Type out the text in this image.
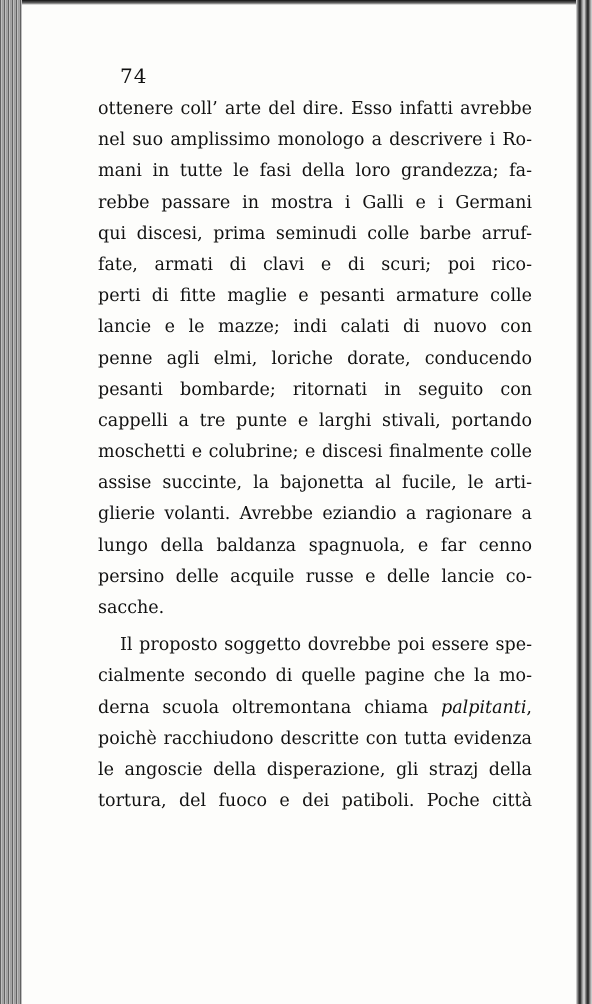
74
ottenere coll’ arte del dire. Esso infatti avrebbe
nel suo amplissimo monologo a descrivere i Ro-
mani in tutte le fasi della loro grandezza; fa-
rebbe passare in mostra i Galli e i Germani
qui discesi, prima seminudi colle barbe arruf-
fate, armati di clavi e di scuri; poi rico-
perti di fitte maglie e pesanti armature colle
lancie e le mazze; indi calati di nuovo con
penne agli elmi, loriche dorate, conducendo
pesanti bombarde; ritornati in seguito con
cappelli a tre punte e larghi stivali, portando
moschetti e colubrine; e discesi finalmente colle
assise succinte, la bajonetta al fucile, le arti-
glierie volanti. Avrebbe eziandio a ragionare a
lungo della baldanza spagnuola, e far cenno
persino delle acquile russe e delle lancie co-
sacche.
Il proposto soggetto dovrebbe poi essere spe-
cialmente secondo di quelle pagine che la mo-
derna scuola oltremontana chiama palpitanti,
poichè racchiudono descritte con tutta evidenza
le angoscie della disperazione, gli strazj della
tortura, del fuoco e dei patiboli. Poche città
